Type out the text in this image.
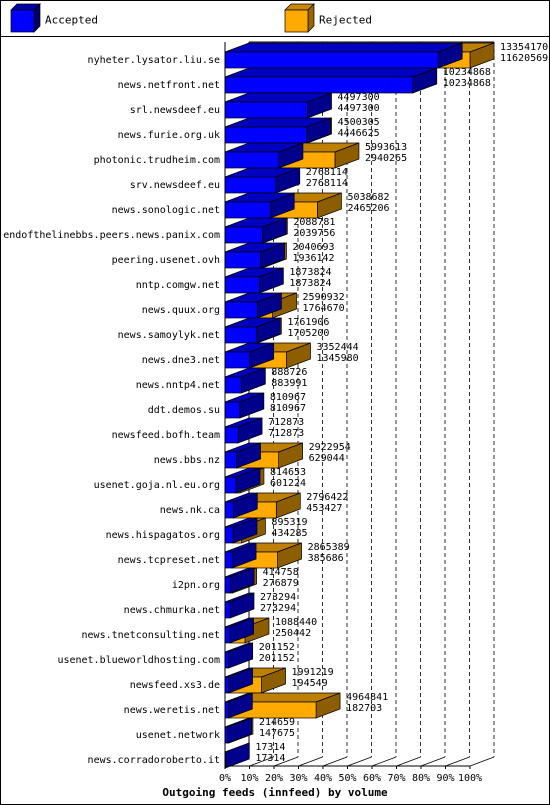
Accepted	Rejected
13354170
11620569
10234868
10234868
4497300
4497300
4500305
4446625
5993613
2940265
2768114
2768114
5038682
2465206
2088781
2039756
2040693
1936142
1873824
1873824
2590932
1764670
1761906
1705200
3352444
1345980
888726
883991
810967
810967
712873
712873
2922954
629044
814653
601224
2796422
453427
895319
434285
2865389
385686
414758
276879
273294
273294
1088440
250442
201152
201152
1991219
194549
4964841
182703
214659
147675
17314
17314
0% 10% 20% 30% 40% 50% 60% 70% 80% 90% 100%
nyheter.lysator.liu.se
news.netfront.net
srl.newsdeef.eu
news.furie.org.uk
photonic.trudheim.com
srv.newsdeef.eu
news.sonologic.net
endofthelinebbs.peers.news.panix.com
peering.usenet.ovh
nntp.comgw.net
news.quux.org
news.samoylyk.net
news.dne3.net
news.nntp4.net
ddt.demos.su
newsfeed.bofh.team
news.bbs.nz
usenet.goja.nl.eu.org
news.nk.ca
news.hispagatos.org
news.tcpreset.net
i2pn.org
news.chmurka.net
news.tnetconsulting.net
usenet.blueworldhosting.com
newsfeed.xs3.de
news.weretis.net
usenet.network
news.corradoroberto.it
Outgoing feeds (innfeed) by volume
